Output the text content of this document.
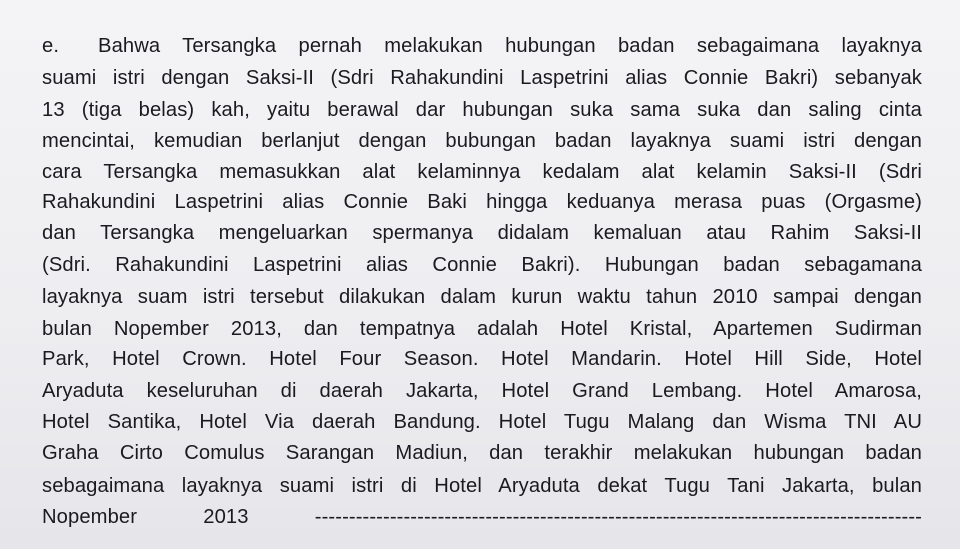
e. Bahwa Tersangka pernah melakukan hubungan badan sebagaimana layaknya
suami istri dengan Saksi-II (Sdri Rahakundini Laspetrini alias Connie Bakri) sebanyak
13 (tiga belas) kah, yaitu berawal dar hubungan suka sama suka dan saling cinta
mencintai, kemudian berlanjut dengan bubungan badan layaknya suami istri dengan
cara Tersangka memasukkan alat kelaminnya kedalam alat kelamin Saksi-II (Sdri
Rahakundini Laspetrini alias Connie Baki hingga keduanya merasa puas (Orgasme)
dan Tersangka mengeluarkan spermanya didalam kemaluan atau Rahim Saksi-II
(Sdri. Rahakundini Laspetrini alias Connie Bakri). Hubungan badan sebagamana
layaknya suam istri tersebut dilakukan dalam kurun waktu tahun 2010 sampai dengan
bulan Nopember 2013, dan tempatnya adalah Hotel Kristal, Apartemen Sudirman
Park, Hotel Crown. Hotel Four Season. Hotel Mandarin. Hotel Hill Side, Hotel
Aryaduta keseluruhan di daerah Jakarta, Hotel Grand Lembang. Hotel Amarosa,
Hotel Santika, Hotel Via daerah Bandung. Hotel Tugu Malang dan Wisma TNI AU
Graha Cirto Comulus Sarangan Madiun, dan terakhir melakukan hubungan badan
sebagaimana layaknya suami istri di Hotel Aryaduta dekat Tugu Tani Jakarta, bulan
Nopember 2013 -----------------------------------------------------------------------------------------
